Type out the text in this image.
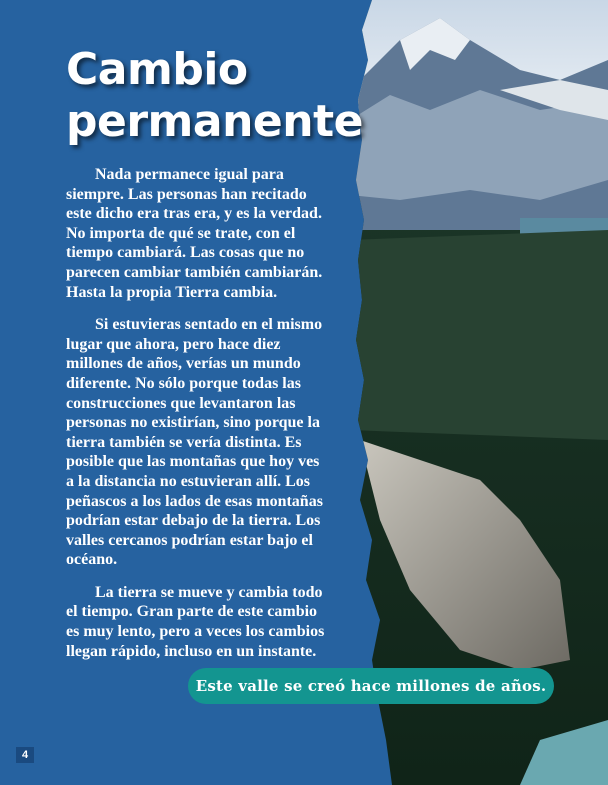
Cambio
permanente
Nada permanece igual para
siempre. Las personas han recitado
este dicho era tras era, y es la verdad.
No importa de qué se trate, con el
tiempo cambiará. Las cosas que no
parecen cambiar también cambiarán.
Hasta la propia Tierra cambia.
Si estuvieras sentado en el mismo
lugar que ahora, pero hace diez
millones de años, verías un mundo
diferente. No sólo porque todas las
construcciones que levantaron las
personas no existirían, sino porque la
tierra también se vería distinta. Es
posible que las montañas que hoy ves
a la distancia no estuvieran allí. Los
peñascos a los lados de esas montañas
podrían estar debajo de la tierra. Los
valles cercanos podrían estar bajo el
océano.
La tierra se mueve y cambia todo
el tiempo. Gran parte de este cambio
es muy lento, pero a veces los cambios
llegan rápido, incluso en un instante.
Este valle se creó hace millones de años.
4
